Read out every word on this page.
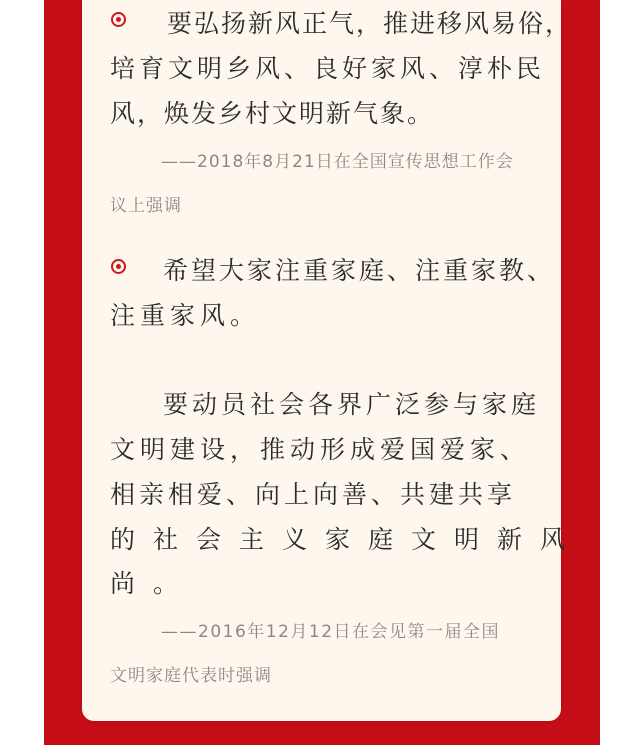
要弘扬新风正气，推进移风易俗，
培育文明乡风、良好家风、淳朴民
风，焕发乡村文明新气象。
——2018年8月21日在全国宣传思想工作会
议上强调
希望大家注重家庭、注重家教、
注重家风。
要动员社会各界广泛参与家庭
文明建设，推动形成爱国爱家、
相亲相爱、向上向善、共建共享
的社会主义家庭文明新风
尚。
——2016年12月12日在会见第一届全国
文明家庭代表时强调
